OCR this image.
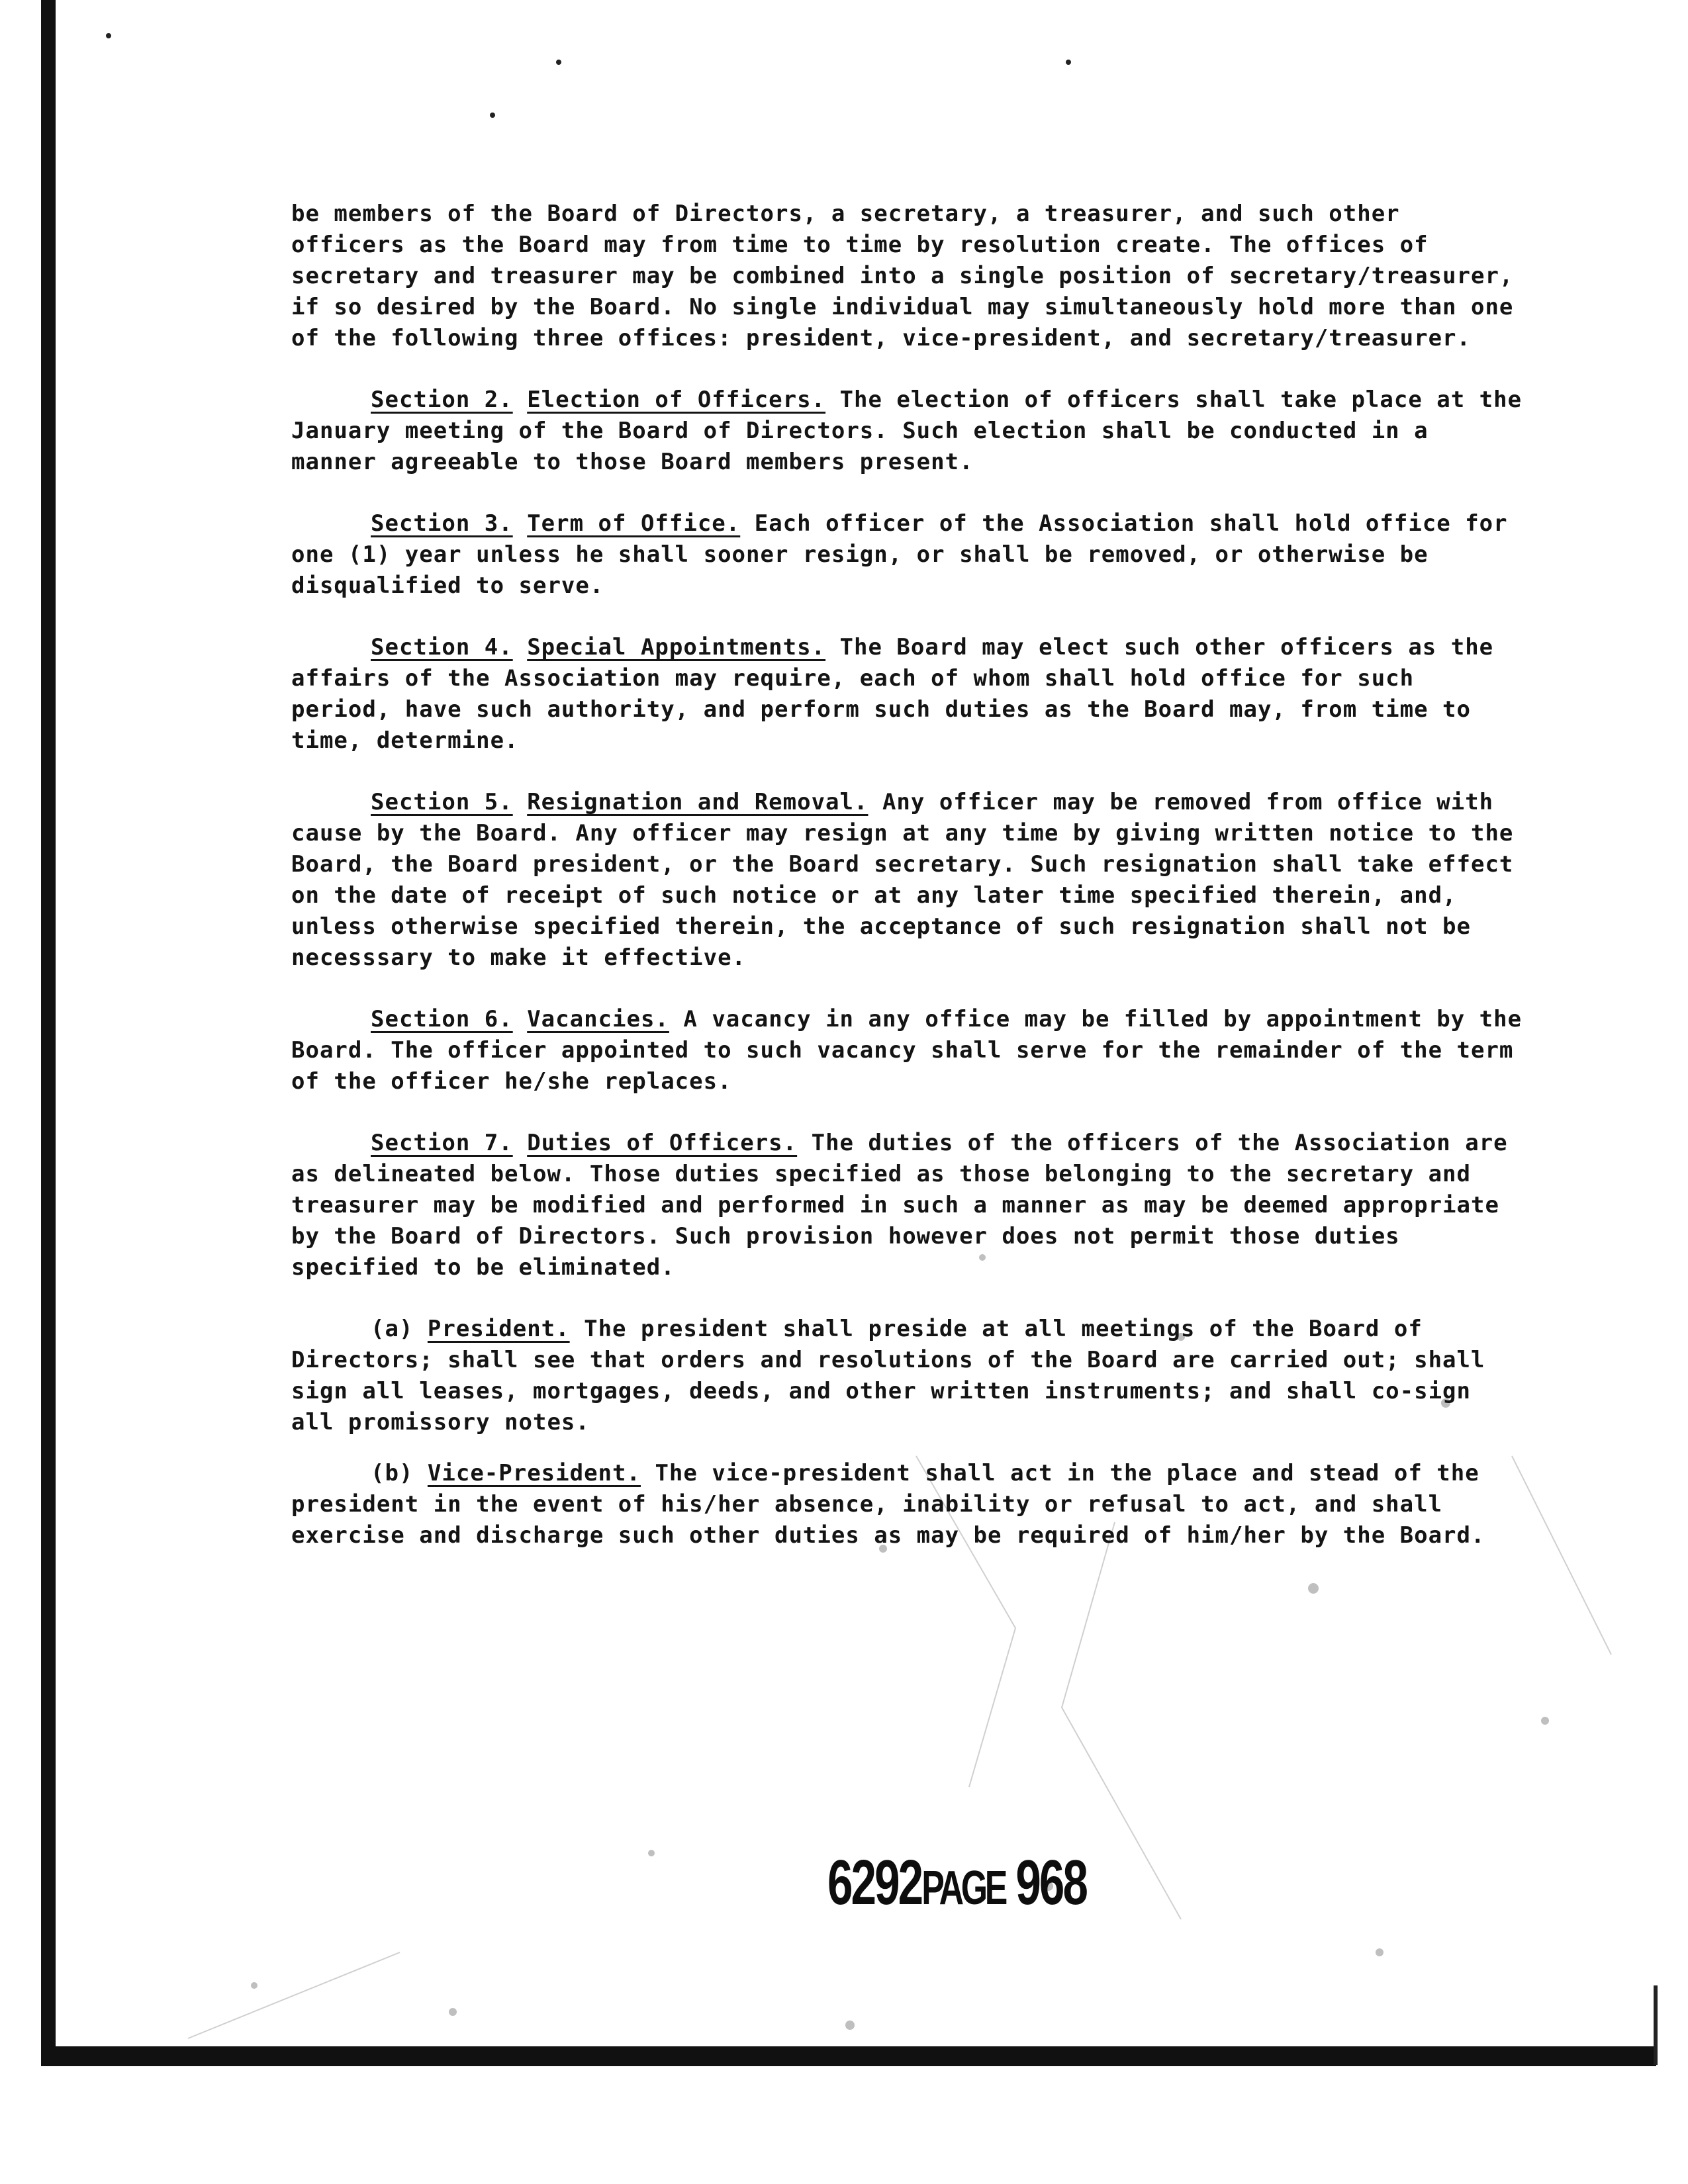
be members of the Board of Directors, a secretary, a treasurer, and such other officers as the Board may from time to time by resolution create. The offices of secretary and treasurer may be combined into a single position of secretary/treasurer, if so desired by the Board. No single individual may simultaneously hold more than one of the following three offices: president, vice-president, and secretary/treasurer.

Section 2. Election of Officers. The election of officers shall take place at the January meeting of the Board of Directors. Such election shall be conducted in a manner agreeable to those Board members present.

Section 3. Term of Office. Each officer of the Association shall hold office for one (1) year unless he shall sooner resign, or shall be removed, or otherwise be disqualified to serve.

Section 4. Special Appointments. The Board may elect such other officers as the affairs of the Association may require, each of whom shall hold office for such period, have such authority, and perform such duties as the Board may, from time to time, determine.

Section 5. Resignation and Removal. Any officer may be removed from office with cause by the Board. Any officer may resign at any time by giving written notice to the Board, the Board president, or the Board secretary. Such resignation shall take effect on the date of receipt of such notice or at any later time specified therein, and, unless otherwise specified therein, the acceptance of such resignation shall not be necesssary to make it effective.

Section 6. Vacancies. A vacancy in any office may be filled by appointment by the Board. The officer appointed to such vacancy shall serve for the remainder of the term of the officer he/she replaces.

Section 7. Duties of Officers. The duties of the officers of the Association are as delineated below. Those duties specified as those belonging to the secretary and treasurer may be modified and performed in such a manner as may be deemed appropriate by the Board of Directors. Such provision however does not permit those duties specified to be eliminated.

(a) President. The president shall preside at all meetings of the Board of Directors; shall see that orders and resolutions of the Board are carried out; shall sign all leases, mortgages, deeds, and other written instruments; and shall co-sign all promissory notes.

(b) Vice-President. The vice-president shall act in the place and stead of the president in the event of his/her absence, inability or refusal to act, and shall exercise and discharge such other duties as may be required of him/her by the Board.

6292PAGE 968
